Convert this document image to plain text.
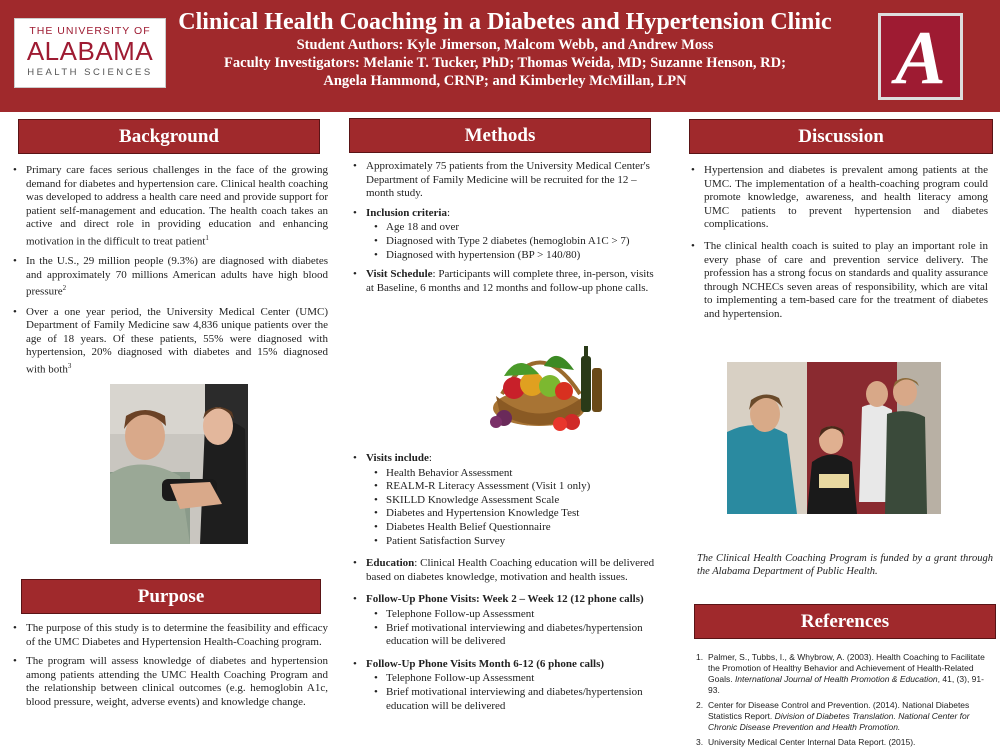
THE UNIVERSITY OF
ALABAMA
HEALTH SCIENCES
Clinical Health Coaching in a Diabetes and Hypertension Clinic
Student Authors: Kyle Jimerson, Malcom Webb, and Andrew Moss
Faculty Investigators: Melanie T. Tucker, PhD; Thomas Weida, MD; Suzanne Henson, RD;
Angela Hammond, CRNP; and Kimberley McMillan, LPN	A
Background
• Primary care faces serious challenges in the face of the growing demand for diabetes and hypertension care. Clinical health coaching was developed to address a health care need and provide support for patient self-management and education. The health coach takes an active and direct role in providing education and enhancing motivation in the difficult to treat patient$^1$
• In the U.S., 29 million people (9.3%) are diagnosed with diabetes and approximately 70 millions American adults have high blood pressure$^2$
• Over a one year period, the University Medical Center (UMC) Department of Family Medicine saw 4,836 unique patients over the age of 18 years. Of these patients, 55% were diagnosed with hypertension, 20% diagnosed with diabetes and 15% diagnosed with both$^3$
Purpose
• The purpose of this study is to determine the feasibility and efficacy of the UMC Diabetes and Hypertension Health-Coaching program.
• The program will assess knowledge of diabetes and hypertension among patients attending the UMC Health Coaching Program and the relationship between clinical outcomes (e.g. hemoglobin A1c, blood pressure, weight, adverse events) and knowledge change.
Methods
• Approximately 75 patients from the University Medical Center's Department of Family Medicine will be recruited for the 12 – month study.
• Inclusion criteria:
• Age 18 and over
• Diagnosed with Type 2 diabetes (hemoglobin A1C > 7)
• Diagnosed with hypertension (BP > 140/80)
• Visit Schedule: Participants will complete three, in-person, visits at Baseline, 6 months and 12 months and follow-up phone calls.
• Visits include:
• Health Behavior Assessment
• REALM-R Literacy Assessment (Visit 1 only)
• SKILLD Knowledge Assessment Scale
• Diabetes and Hypertension Knowledge Test
• Diabetes Health Belief Questionnaire
• Patient Satisfaction Survey
• Education: Clinical Health Coaching education will be delivered based on diabetes knowledge, motivation and health issues.
• Follow-Up Phone Visits: Week 2 – Week 12 (12 phone calls)
• Telephone Follow-up Assessment
• Brief motivational interviewing and diabetes/hypertension education will be delivered
• Follow-Up Phone Visits Month 6-12 (6 phone calls)
• Telephone Follow-up Assessment
• Brief motivational interviewing and diabetes/hypertension education will be delivered
Discussion
• Hypertension and diabetes is prevalent among patients at the UMC. The implementation of a health-coaching program could promote knowledge, awareness, and health literacy among UMC patients to prevent hypertension and diabetes complications.
• The clinical health coach is suited to play an important role in every phase of care and prevention service delivery. The profession has a strong focus on standards and quality assurance through NCHECs seven areas of responsibility, which are vital to implementing a tem-based care for the treatment of diabetes and hypertension.
The Clinical Health Coaching Program is funded by a grant through the Alabama Department of Public Health.
References
1. Palmer, S., Tubbs, I., & Whybrow, A. (2003). Health Coaching to Facilitate the Promotion of Healthy Behavior and Achievement of Health-Related Goals. International Journal of Health Promotion & Education, 41, (3), 91-93.
2. Center for Disease Control and Prevention. (2014). National Diabetes Statistics Report. Division of Diabetes Translation. National Center for Chronic Disease Prevention and Health Promotion.
3. University Medical Center Internal Data Report. (2015).
